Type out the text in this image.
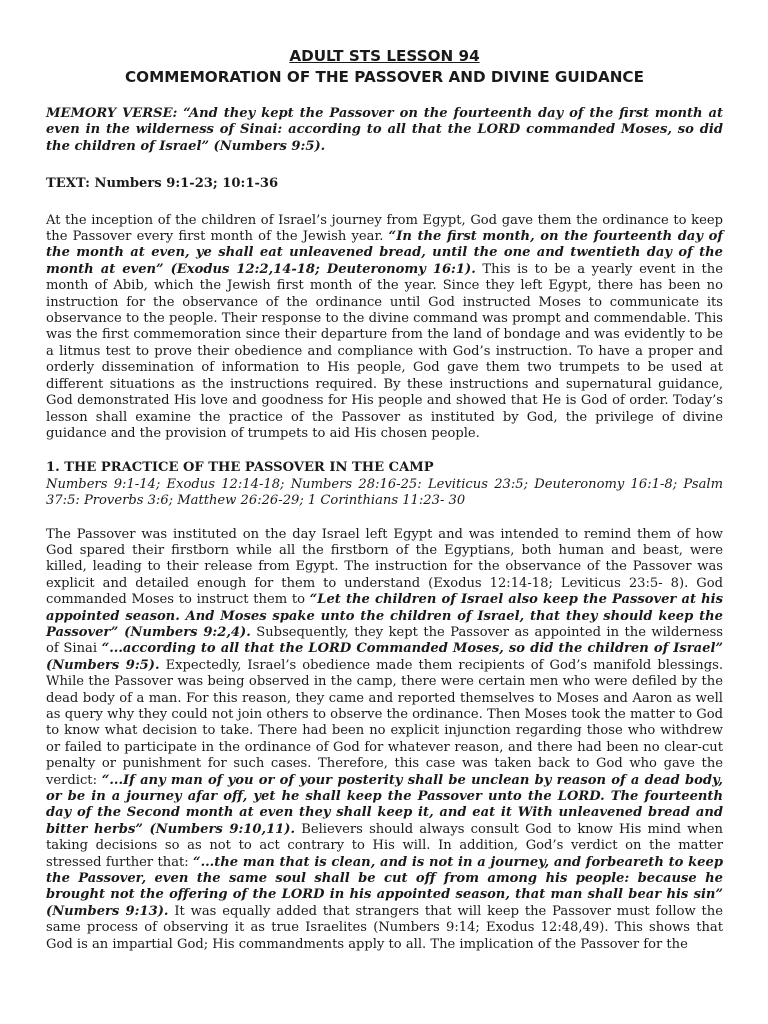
ADULT STS LESSON 94
COMMEMORATION OF THE PASSOVER AND DIVINE GUIDANCE

MEMORY VERSE: “And they kept the Passover on the fourteenth day of the first month at even in the wilderness of Sinai: according to all that the LORD commanded Moses, so did the children of Israel” (Numbers 9:5).

TEXT: Numbers 9:1-23; 10:1-36

At the inception of the children of Israel’s journey from Egypt, God gave them the ordinance to keep the Passover every first month of the Jewish year. “In the first month, on the fourteenth day of the month at even, ye shall eat unleavened bread, until the one and twentieth day of the month at even” (Exodus 12:2,14-18; Deuteronomy 16:1). This is to be a yearly event in the month of Abib, which the Jewish first month of the year. Since they left Egypt, there has been no instruction for the observance of the ordinance until God instructed Moses to communicate its observance to the people. Their response to the divine command was prompt and commendable. This was the first commemoration since their departure from the land of bondage and was evidently to be a litmus test to prove their obedience and compliance with God’s instruction. To have a proper and orderly dissemination of information to His people, God gave them two trumpets to be used at different situations as the instructions required. By these instructions and supernatural guidance, God demonstrated His love and goodness for His people and showed that He is God of order. Today’s lesson shall examine the practice of the Passover as instituted by God, the privilege of divine guidance and the provision of trumpets to aid His chosen people.

1. THE PRACTICE OF THE PASSOVER IN THE CAMP

Numbers 9:1-14; Exodus 12:14-18; Numbers 28:16-25: Leviticus 23:5; Deuteronomy 16:1-8; Psalm 37:5: Proverbs 3:6; Matthew 26:26-29; 1 Corinthians 11:23- 30

The Passover was instituted on the day Israel left Egypt and was intended to remind them of how God spared their firstborn while all the firstborn of the Egyptians, both human and beast, were killed, leading to their release from Egypt. The instruction for the observance of the Passover was explicit and detailed enough for them to understand (Exodus 12:14-18; Leviticus 23:5- 8). God commanded Moses to instruct them to “Let the children of Israel also keep the Passover at his appointed season. And Moses spake unto the children of Israel, that they should keep the Passover” (Numbers 9:2,4). Subsequently, they kept the Passover as appointed in the wilderness of Sinai “...according to all that the LORD Commanded Moses, so did the children of Israel” (Numbers 9:5). Expectedly, Israel’s obedience made them recipients of God’s manifold blessings. While the Passover was being observed in the camp, there were certain men who were defiled by the dead body of a man. For this reason, they came and reported themselves to Moses and Aaron as well as query why they could not join others to observe the ordinance. Then Moses took the matter to God to know what decision to take. There had been no explicit injunction regarding those who withdrew or failed to participate in the ordinance of God for whatever reason, and there had been no clear-cut penalty or punishment for such cases. Therefore, this case was taken back to God who gave the verdict: “...If any man of you or of your posterity shall be unclean by reason of a dead body, or be in a journey afar off, yet he shall keep the Passover unto the LORD. The fourteenth day of the Second month at even they shall keep it, and eat it With unleavened bread and bitter herbs” (Numbers 9:10,11). Believers should always consult God to know His mind when taking decisions so as not to act contrary to His will. In addition, God’s verdict on the matter stressed further that: “...the man that is clean, and is not in a journey, and forbeareth to keep the Passover, even the same soul shall be cut off from among his people: because he brought not the offering of the LORD in his appointed season, that man shall bear his sin” (Numbers 9:13). It was equally added that strangers that will keep the Passover must follow the same process of observing it as true Israelites (Numbers 9:14; Exodus 12:48,49). This shows that God is an impartial God; His commandments apply to all. The implication of the Passover for the
